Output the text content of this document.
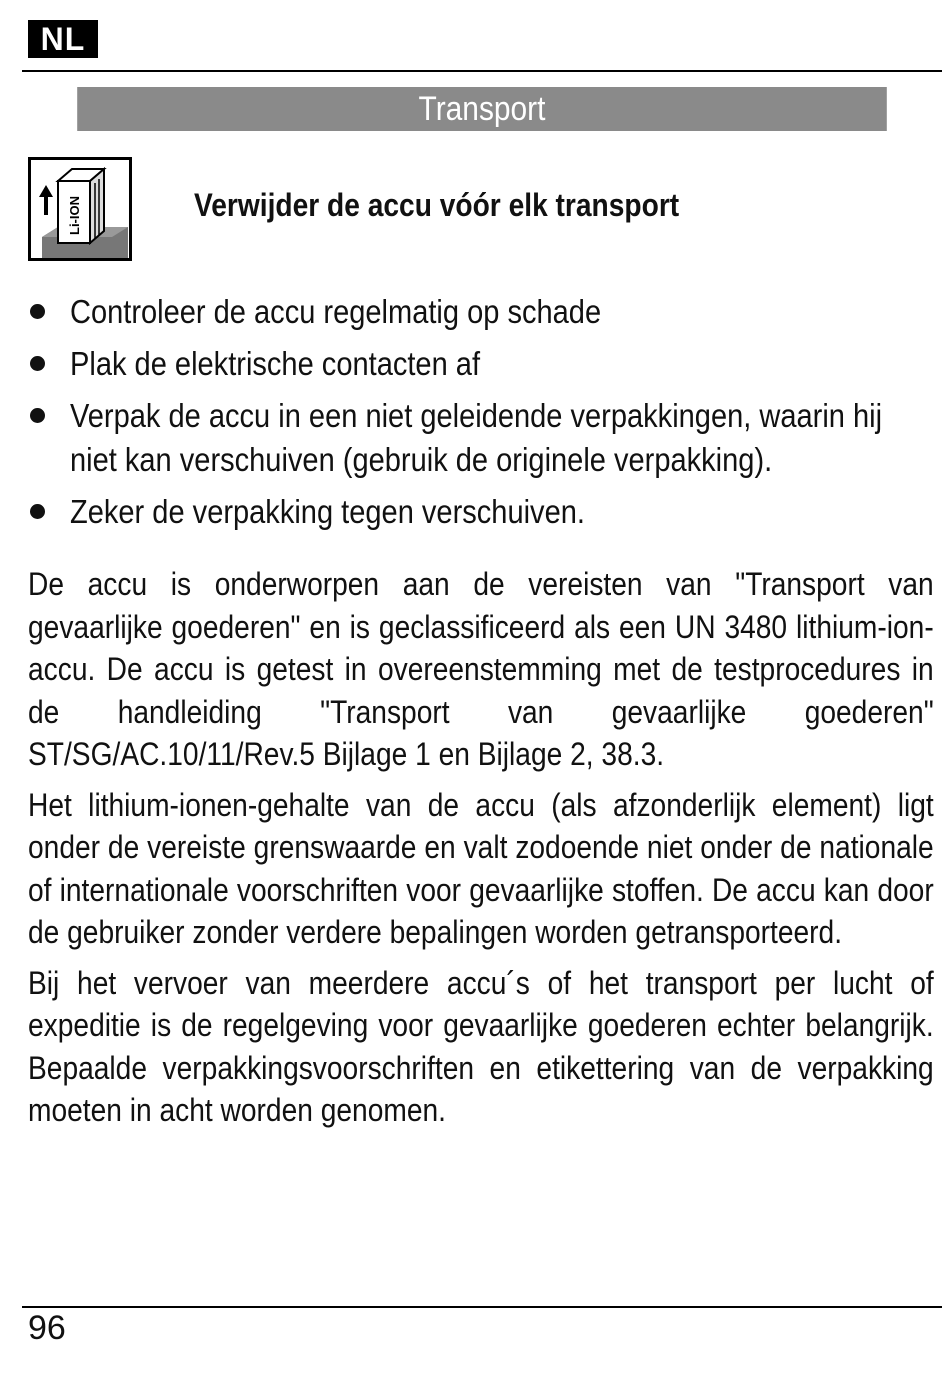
NL
Transport
Li-ION	Verwijder de accu vóór elk transport
Controleer de accu regelmatig op schade
Plak de elektrische contacten af
Verpak de accu in een niet geleidende verpakkingen, waarin hij niet kan verschuiven (gebruik de originele verpakking).
Zeker de verpakking tegen verschuiven.

De accu is onderworpen aan de vereisten van "Transport van gevaarlijke goederen" en is geclassificeerd als een UN 3480 lithium-ion-accu. De accu is getest in overeenstemming met de testprocedures in de handleiding "Transport van gevaarlijke goederen" ST/SG/AC.10/11/Rev.5 Bijlage 1 en Bijlage 2, 38.3.

Het lithium-ionen-gehalte van de accu (als afzonderlijk element) ligt onder de vereiste grenswaarde en valt zodoende niet onder de nationale of internationale voorschriften voor gevaarlijke stoffen. De accu kan door de gebruiker zonder verdere bepalingen worden getransporteerd.

Bij het vervoer van meerdere accu´s of het transport per lucht of expeditie is de regelgeving voor gevaarlijke goederen echter belangrijk. Bepaalde verpakkingsvoorschriften en etikettering van de verpakking moeten in acht worden genomen.

96
